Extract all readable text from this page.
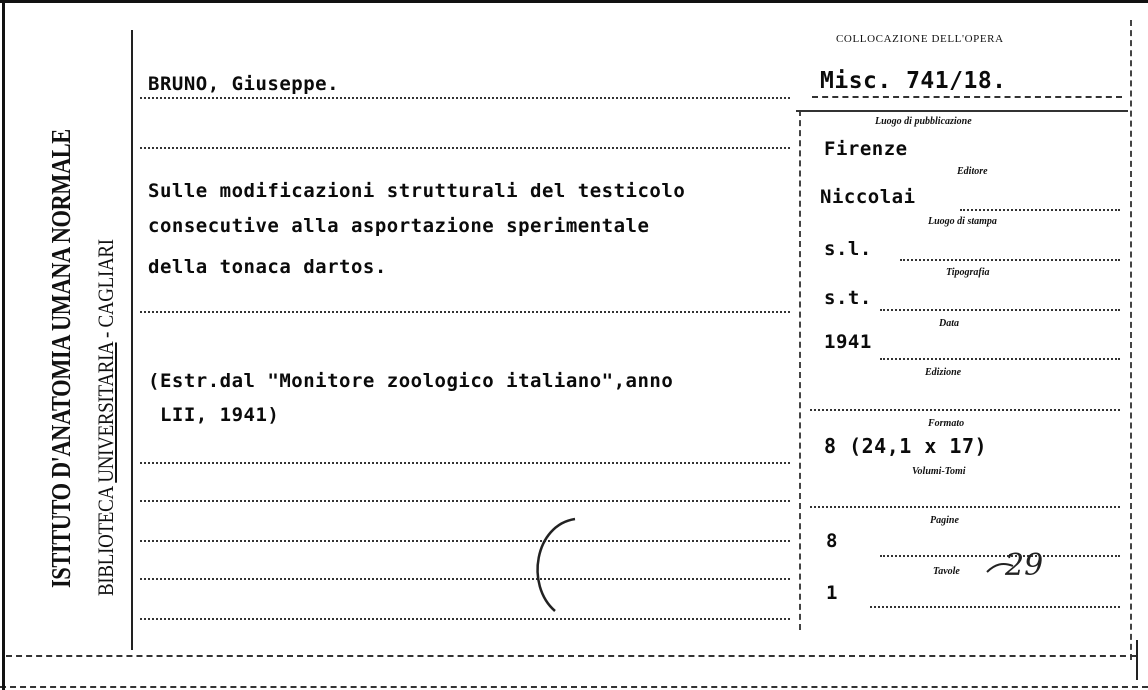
ISTITUTO D'ANATOMIA UMANA NORMALE BIBLIOTECA UNIVERSITARIA - CAGLIARI
COLLOCAZIONE DELL'OPERA
Misc. 741/18.
BRUNO, Giuseppe.
Sulle modificazioni strutturali del testicolo
consecutive alla asportazione sperimentale
della tonaca dartos.
(Estr.dal "Monitore zoologico italiano",anno
LII, 1941)
Luogo di pubblicazione
Firenze
Editore
Niccolai
Luogo di stampa
s.l.
Tipografia
s.t.
Data
1941
Edizione
Formato
8 (24,1 x 17)
Volumi-Tomi
Pagine
8
Tavole 29
1
